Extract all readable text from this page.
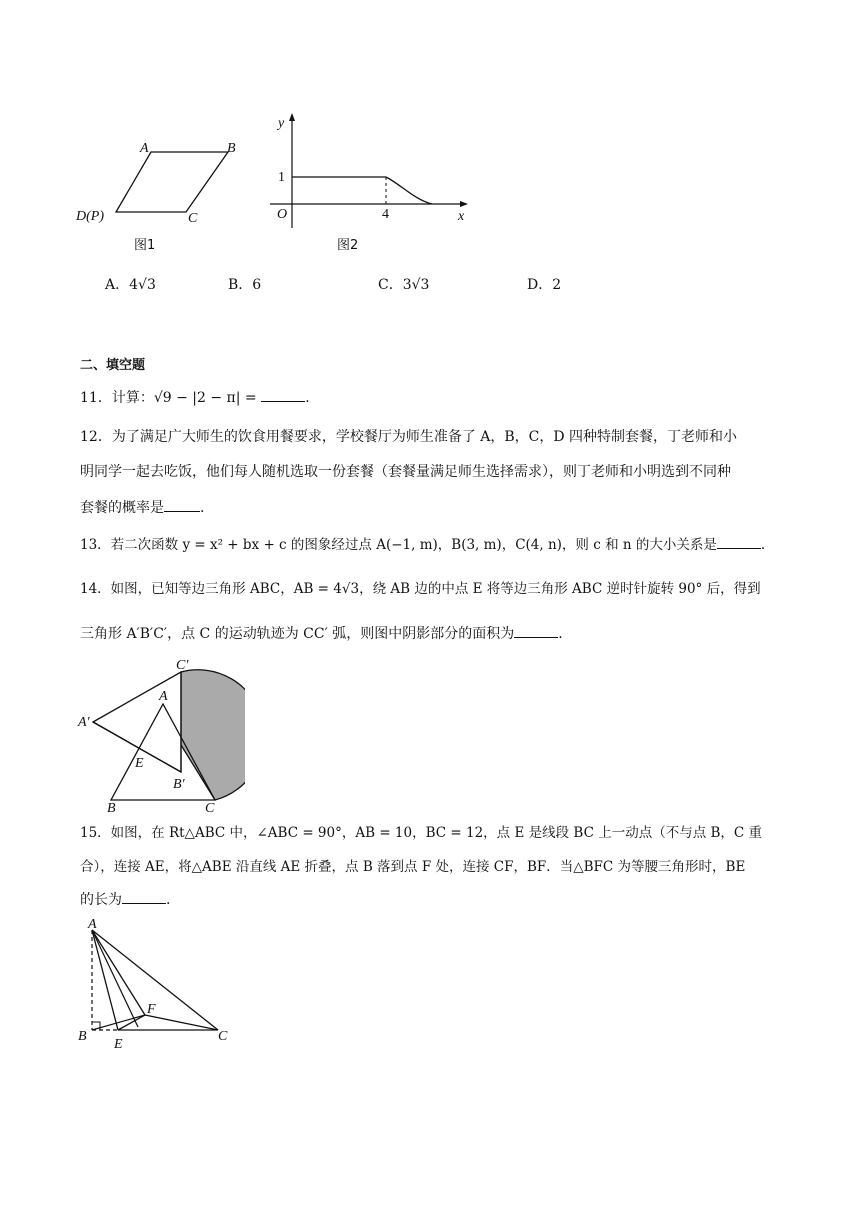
A	B
C
D(P)
y
x
O
1
4
图1	图2
A．4√3	B．6	C．3√3	D．2
二、填空题
11．计算：√9 − |2 − π| =	.
12．为了满足广大师生的饮食用餐要求，学校餐厅为师生准备了 A，B，C，D 四种特制套餐，丁老师和小
明同学一起去吃饭，他们每人随机选取一份套餐（套餐量满足师生选择需求），则丁老师和小明选到不同种
套餐的概率是	.
13．若二次函数 y = x² + bx + c 的图象经过点 A(−1, m)，B(3, m)，C(4, n)，则 c 和 n 的大小关系是	.
14．如图，已知等边三角形 ABC，AB = 4√3，绕 AB 边的中点 E 将等边三角形 ABC 逆时针旋转 90° 后，得到
三角形 A′B′C′，点 C 的运动轨迹为 CC′ 弧，则图中阴影部分的面积为	.
A
B	C
E
A′
B′
C′
15．如图，在 Rt△ABC 中，∠ABC = 90°，AB = 10，BC = 12，点 E 是线段 BC 上一动点（不与点 B，C 重
合），连接 AE，将△ABE 沿直线 AE 折叠，点 B 落到点 F 处，连接 CF，BF．当△BFC 为等腰三角形时，BE
的长为	.
A
B	C
E
F
